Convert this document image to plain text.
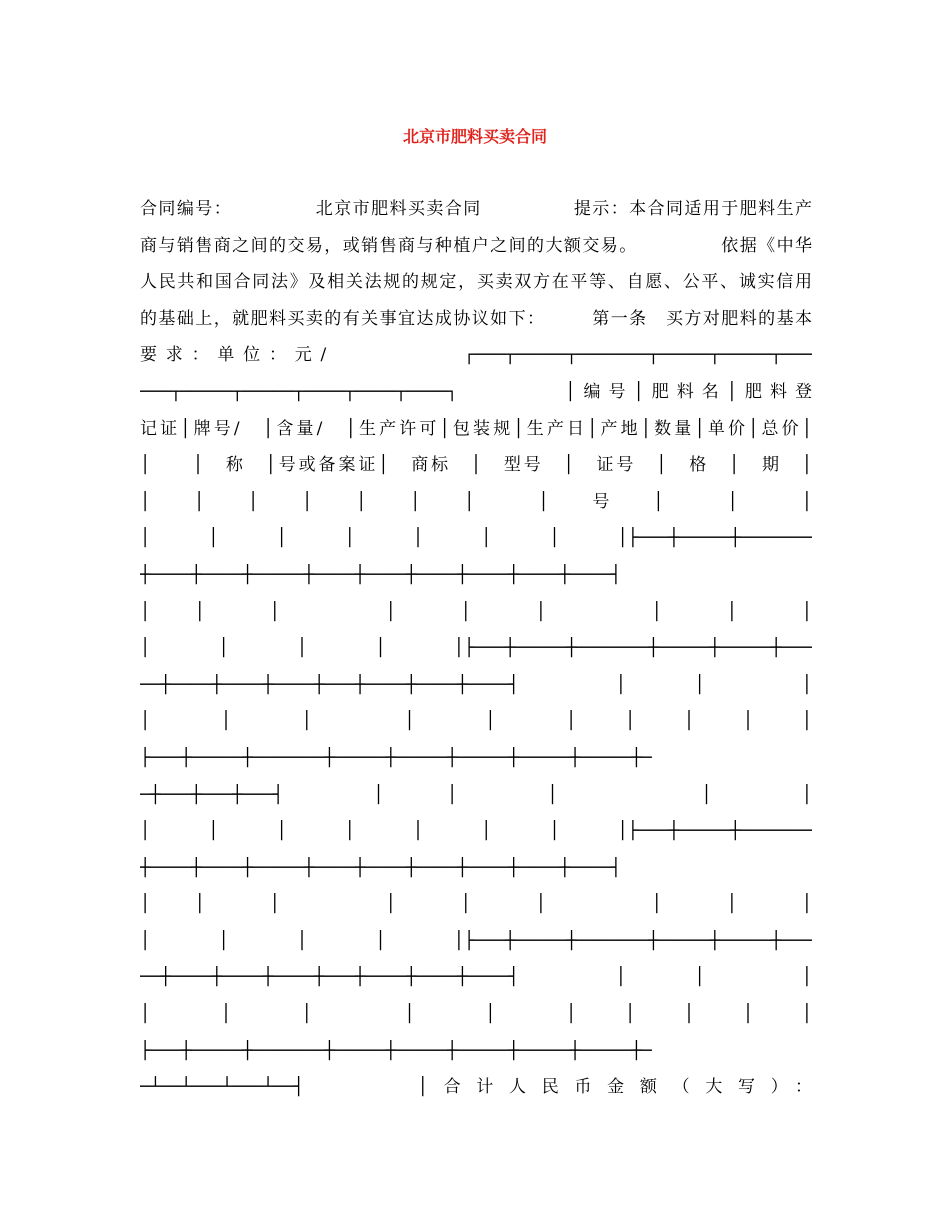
北京市肥料买卖合同
合同编号：　　　　　北京市肥料买卖合同　　　　　提示：本合同适用于肥料生产
商与销售商之间的交易，或销售商与种植户之间的大额交易。　　　　　依据《中华
人民共和国合同法》及相关法规的规定，买卖双方在平等、自愿、公平、诚实信用
的基础上，就肥料买卖的有关事宜达成协议如下：　　　第一条　买方对肥料的基本
要求：单位：元/　　　　　┌───┬─────┬───────┬─────┬─────┬───
───┬─────┬─────┬────┬────┬────┐　　　　│编号│肥料名│肥料登
记证│牌号/　│含量/　│生产许可│包装规│生产日│产地│数量│单价│总价│
│　　│　称　│号或备案证│　商标　│　型号　│　证号　│　格　│　期　│
│　　│　　│　　│　　│　　│　　│　　　│　　号　　│　　　│　　　│
│　　│　　│　　│　　│　　│　　│　　│├───┼─────┼───────
┼────┼────┼─────┼────┼────┼────┼────┼────┼────┤
│　　│　　　│　　　　　│　　　│　　　│　　　　　│　　　│　　　│
│　　│　　│　　│　　│├───┼─────┼───────┼─────┼─────┼───
──┼────┼────┼────┼───┼────┼────┼────┤　　　│　　│　　　│
│　　　│　　　│　　　　│　　　│　　　│　　│　　│　　│　　│
├───┼─────┼───────┼─────┼─────┼─────┼─────┼─────┼─
─┼───┼───┼───┤　　　│　　│　　　│　　　　　│　　　│
│　　│　　│　　│　　│　　│　　│　　│├───┼─────┼───────
┼────┼────┼─────┼────┼────┼────┼────┼────┼────┤
│　　│　　　│　　　　　│　　　│　　　│　　　　　│　　　│　　　│
│　　│　　│　　│　　│├───┼─────┼───────┼─────┼─────┼───
──┼────┼────┼────┼───┼────┼────┼────┤　　　│　　│　　　│
│　　　│　　　│　　　　│　　　│　　　│　　│　　│　　│　　│
├───┼─────┼───────┼─────┼─────┼─────┼─────┼─────┼─
─┴──┴───┴───┴──┤　　　│合计人民币金额（大写）：
